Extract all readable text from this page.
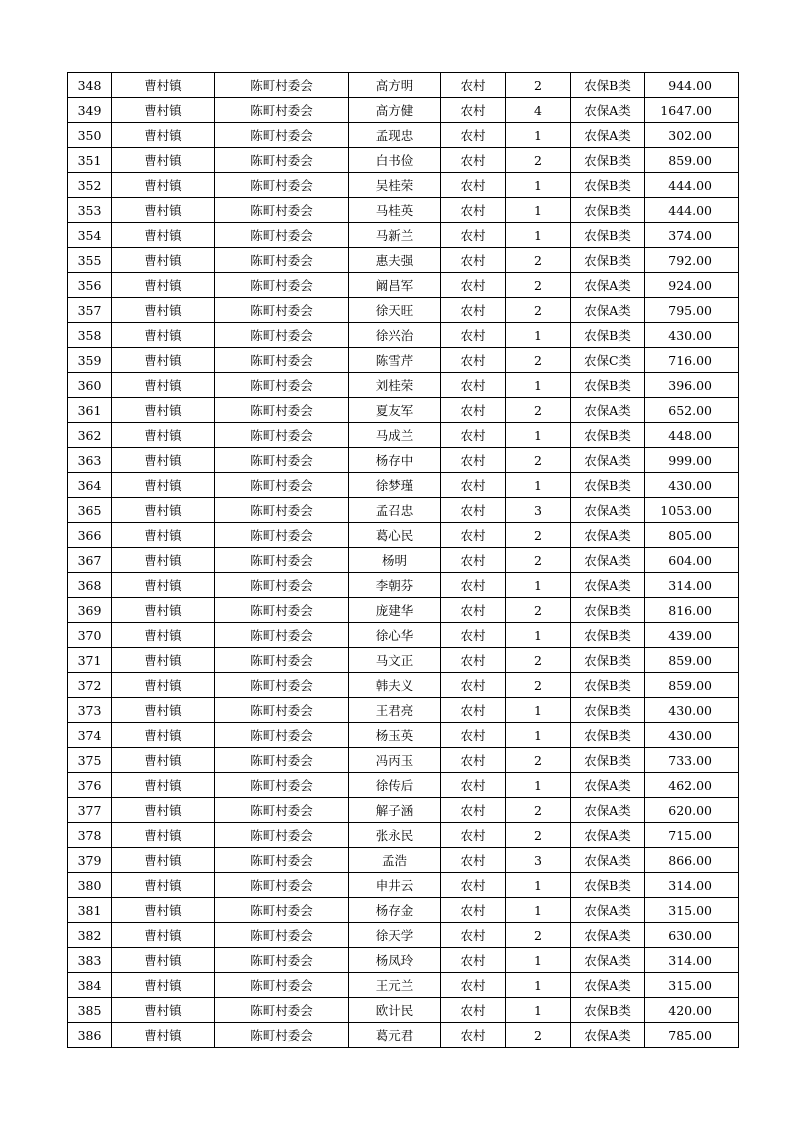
348	曹村镇	陈町村委会	高方明	农村	2	农保B类	944.00
349	曹村镇	陈町村委会	高方健	农村	4	农保A类	1647.00
350	曹村镇	陈町村委会	孟现忠	农村	1	农保A类	302.00
351	曹村镇	陈町村委会	白书俭	农村	2	农保B类	859.00
352	曹村镇	陈町村委会	吴桂荣	农村	1	农保B类	444.00
353	曹村镇	陈町村委会	马桂英	农村	1	农保B类	444.00
354	曹村镇	陈町村委会	马新兰	农村	1	农保B类	374.00
355	曹村镇	陈町村委会	惠夫强	农村	2	农保B类	792.00
356	曹村镇	陈町村委会	阚昌军	农村	2	农保A类	924.00
357	曹村镇	陈町村委会	徐天旺	农村	2	农保A类	795.00
358	曹村镇	陈町村委会	徐兴治	农村	1	农保B类	430.00
359	曹村镇	陈町村委会	陈雪芹	农村	2	农保C类	716.00
360	曹村镇	陈町村委会	刘桂荣	农村	1	农保B类	396.00
361	曹村镇	陈町村委会	夏友军	农村	2	农保A类	652.00
362	曹村镇	陈町村委会	马成兰	农村	1	农保B类	448.00
363	曹村镇	陈町村委会	杨存中	农村	2	农保A类	999.00
364	曹村镇	陈町村委会	徐梦瑾	农村	1	农保B类	430.00
365	曹村镇	陈町村委会	孟召忠	农村	3	农保A类	1053.00
366	曹村镇	陈町村委会	葛心民	农村	2	农保A类	805.00
367	曹村镇	陈町村委会	杨明	农村	2	农保A类	604.00
368	曹村镇	陈町村委会	李朝芬	农村	1	农保A类	314.00
369	曹村镇	陈町村委会	庞建华	农村	2	农保B类	816.00
370	曹村镇	陈町村委会	徐心华	农村	1	农保B类	439.00
371	曹村镇	陈町村委会	马文正	农村	2	农保B类	859.00
372	曹村镇	陈町村委会	韩夫义	农村	2	农保B类	859.00
373	曹村镇	陈町村委会	王君亮	农村	1	农保B类	430.00
374	曹村镇	陈町村委会	杨玉英	农村	1	农保B类	430.00
375	曹村镇	陈町村委会	冯丙玉	农村	2	农保B类	733.00
376	曹村镇	陈町村委会	徐传后	农村	1	农保A类	462.00
377	曹村镇	陈町村委会	解子涵	农村	2	农保A类	620.00
378	曹村镇	陈町村委会	张永民	农村	2	农保A类	715.00
379	曹村镇	陈町村委会	孟浩	农村	3	农保A类	866.00
380	曹村镇	陈町村委会	申井云	农村	1	农保B类	314.00
381	曹村镇	陈町村委会	杨存金	农村	1	农保A类	315.00
382	曹村镇	陈町村委会	徐天学	农村	2	农保A类	630.00
383	曹村镇	陈町村委会	杨凤玲	农村	1	农保A类	314.00
384	曹村镇	陈町村委会	王元兰	农村	1	农保A类	315.00
385	曹村镇	陈町村委会	欧计民	农村	1	农保B类	420.00
386	曹村镇	陈町村委会	葛元君	农村	2	农保A类	785.00
